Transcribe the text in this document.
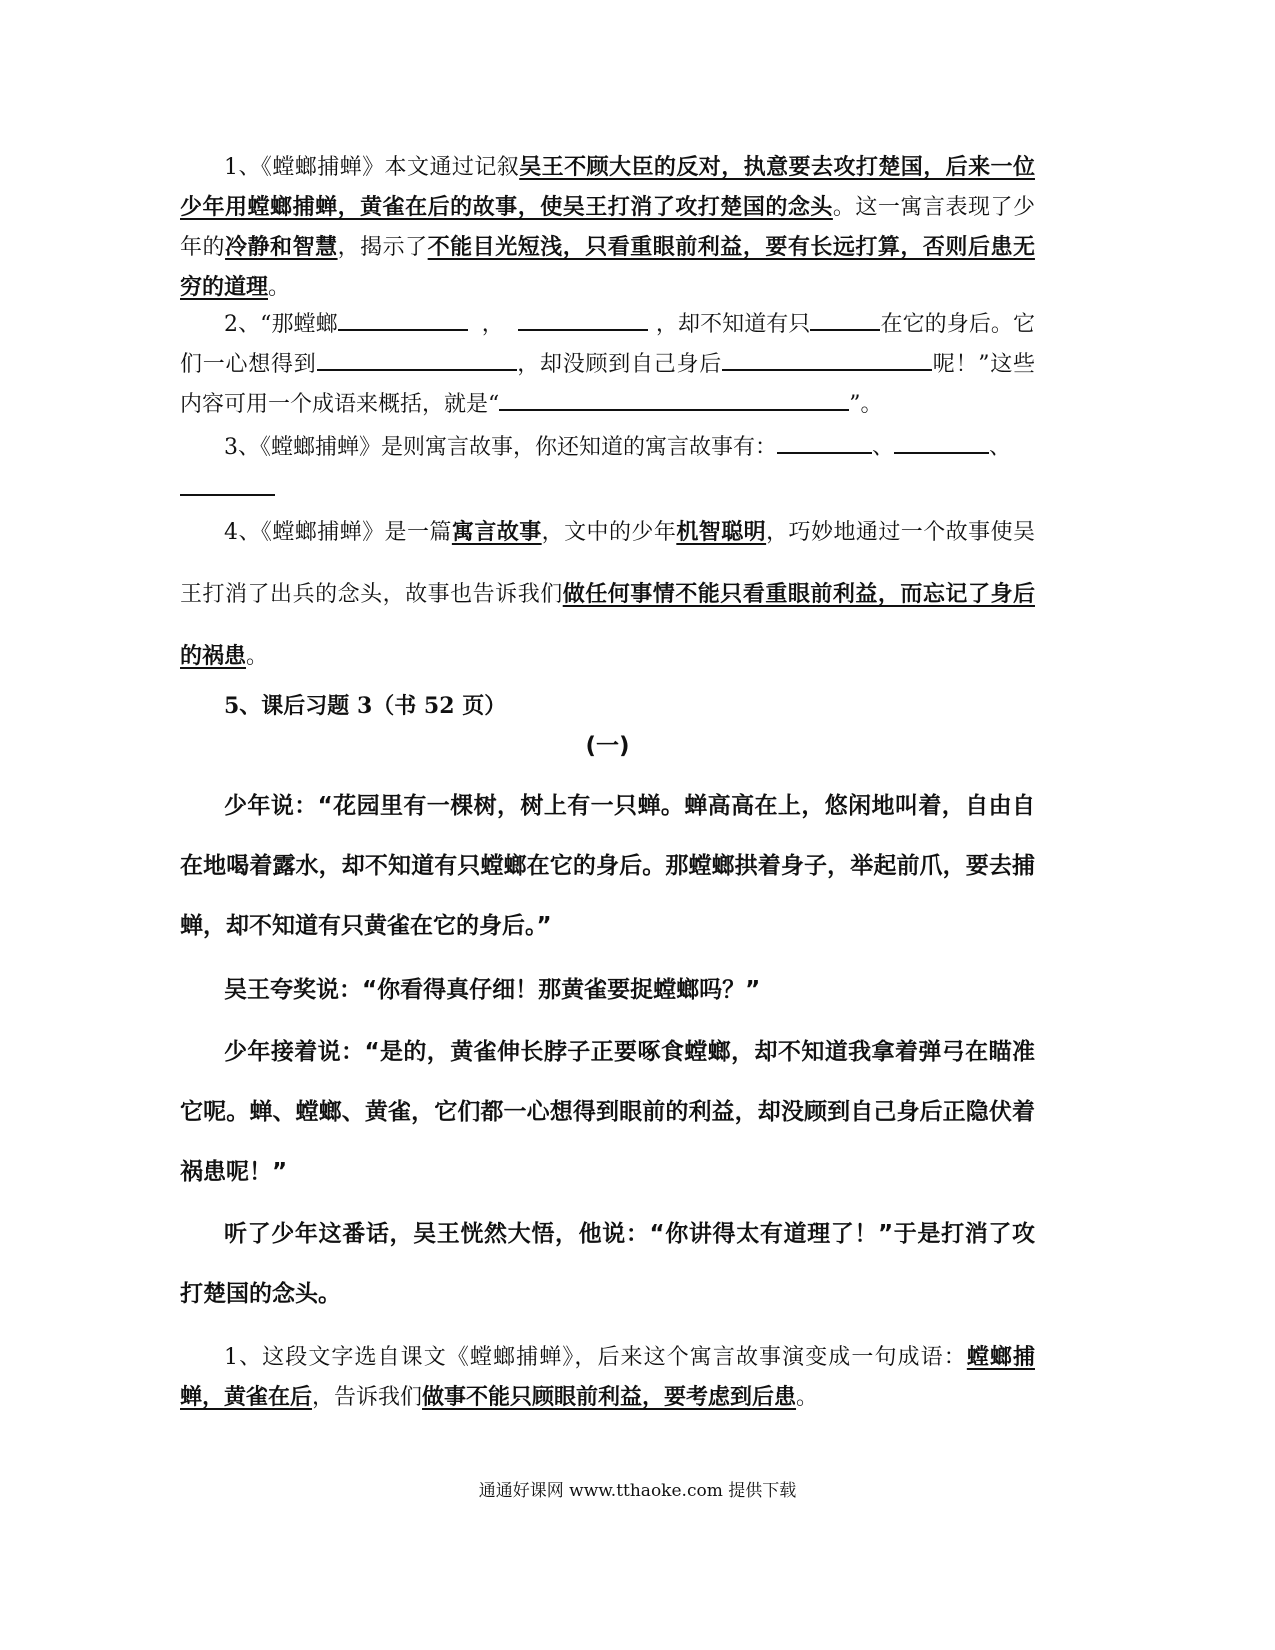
1、《螳螂捕蝉》本文通过记叙吴王不顾大臣的反对，执意要去攻打楚国，后来一位少年用螳螂捕蝉，黄雀在后的故事，使吴王打消了攻打楚国的念头。这一寓言表现了少年的冷静和智慧，揭示了不能目光短浅，只看重眼前利益，要有长远打算，否则后患无穷的道理。
2、“那螳螂	，	，却不知道有只	在它的身后。它们一心想得到	，却没顾到自己身后	呢！”这些内容可用一个成语来概括，就是“	”。
3、《螳螂捕蝉》是则寓言故事，你还知道的寓言故事有：	、	、
4、《螳螂捕蝉》是一篇寓言故事，文中的少年机智聪明，巧妙地通过一个故事使吴王打消了出兵的念头，故事也告诉我们做任何事情不能只看重眼前利益，而忘记了身后的祸患。
5、课后习题 3（书 52 页）
(一)
少年说：“花园里有一棵树，树上有一只蝉。蝉高高在上，悠闲地叫着，自由自在地喝着露水，却不知道有只螳螂在它的身后。那螳螂拱着身子，举起前爪，要去捕蝉，却不知道有只黄雀在它的身后。”
吴王夸奖说：“你看得真仔细！那黄雀要捉螳螂吗？”
少年接着说：“是的，黄雀伸长脖子正要啄食螳螂，却不知道我拿着弹弓在瞄准它呢。蝉、螳螂、黄雀，它们都一心想得到眼前的利益，却没顾到自己身后正隐伏着祸患呢！”
听了少年这番话，吴王恍然大悟，他说：“你讲得太有道理了！”于是打消了攻打楚国的念头。
1、这段文字选自课文《螳螂捕蝉》，后来这个寓言故事演变成一句成语：螳螂捕蝉，黄雀在后，告诉我们做事不能只顾眼前利益，要考虑到后患。
通通好课网 www.tthaoke.com 提供下载
